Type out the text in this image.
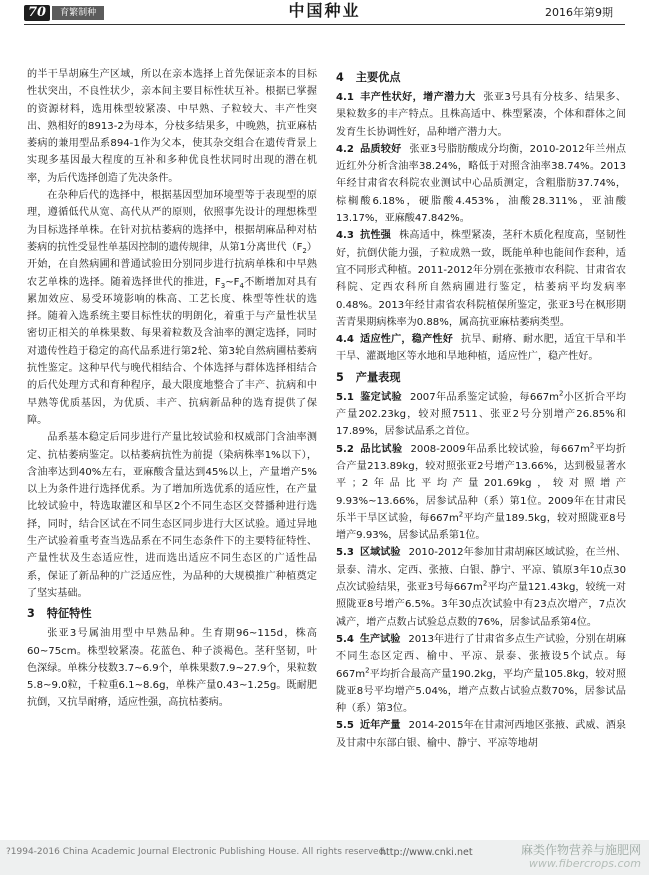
70	育繁制种	中国种业	2016年第9期

的半干旱胡麻生产区域，所以在亲本选择上首先保证亲本的目标性状突出，不良性状少，亲本间主要目标性状互补。根据已掌握的资源材料，选用株型较紧凑、中早熟、子粒较大、丰产性突出、熟相好的8913-2为母本，分枝多结果多，中晚熟，抗亚麻枯萎病的兼用型品系894-1作为父本，使其杂交组合在遗传背景上实现多基因最大程度的互补和多种优良性状同时出现的潜在机率，为后代选择创造了先决条件。

在杂种后代的选择中，根据基因型加环境型等于表现型的原理，遵循低代从宽、高代从严的原则，依照事先设计的理想株型为目标选择单株。在针对抗枯萎病的选择中，根据胡麻品种对枯萎病的抗性受显性单基因控制的遗传规律，从第1分离世代$(F_2)$开始，在自然病圃和普通试验田分别同步进行抗病单株和中早熟农艺单株的选择。随着选择世代的推进，$F_3\sim F_4$不断增加对具有累加效应、易受环境影响的株高、工艺长度、株型等性状的选择。随着入选系统主要目标性状的明朗化，着重于与产量性状呈密切正相关的单株果数、每果着粒数及含油率的测定选择，同时对遗传性趋于稳定的高代品系进行第2轮、第3轮自然病圃枯萎病抗性鉴定。这种早代与晚代相结合、个体选择与群体选择相结合的后代处理方式和育种程序，最大限度地整合了丰产、抗病和中早熟等优质基因，为优质、丰产、抗病新品种的选育提供了保障。

品系基本稳定后同步进行产量比较试验和权威部门含油率测定、抗枯萎病鉴定。以枯萎病抗性为前提（染病株率1%以下），含油率达到40%左右，亚麻酸含量达到45%以上，产量增产5%以上为条件进行选择优系。为了增加所选优系的适应性，在产量比较试验中，特选取灌区和旱区2个不同生态区交替播种进行选择，同时，结合区试在不同生态区同步进行大区试验。通过异地生产试验着重考查当选品系在不同生态条件下的主要特征特性、产量性状及生态适应性，进而选出适应不同生态区的广适性品系，保证了新品种的广泛适应性，为品种的大规模推广种植奠定了坚实基础。

3 特征特性

张亚3号属油用型中早熟品种。生育期96~115d，株高60~75cm。株型较紧凑。花蓝色、种子淡褐色。茎秆坚韧，叶色深绿。单株分枝数3.7~6.9个，单株果数7.9~27.9个，果粒数5.8~9.0粒，千粒重6.1~8.6g，单株产量0.43~1.25g。既耐肥抗倒，又抗旱耐瘠，适应性强，高抗枯萎病。

4 主要优点

4.1 丰产性状好，增产潜力大 张亚3号具有分枝多、结果多、果粒数多的丰产特点。且株高适中、株型紧凑，个体和群体之间发育生长协调性好，品种增产潜力大。

4.2 品质较好 张亚3号脂肪酸成分均衡，2010-2012年兰州点近红外分析含油率38.24%，略低于对照含油率38.74%。2013年经甘肃省农科院农业测试中心品质测定，含粗脂肪37.74%，棕榈酸6.18%，硬脂酸4.453%，油酸28.311%，亚油酸13.17%，亚麻酸47.842%。

4.3 抗性强 株高适中，株型紧凑，茎秆木质化程度高，坚韧性好，抗倒伏能力强，子粒成熟一致，既能单种也能间作套种，适宜不同形式种植。2011-2012年分别在张掖市农科院、甘肃省农科院、定西农科所自然病圃进行鉴定，枯萎病平均发病率0.48%。2013年经甘肃省农科院植保所鉴定，张亚3号在枫形期苦青果期病株率为0.88%，属高抗亚麻枯萎病类型。

4.4 适应性广，稳产性好 抗旱、耐瘠、耐水肥，适宜干旱和半干旱、灌溉地区等水地和旱地种植，适应性广，稳产性好。

5 产量表现

5.1 鉴定试验 2007年品系鉴定试验，每$667m^2$小区折合平均产量202.23kg，较对照7511、张亚2号分别增产26.85%和17.89%，居参试品系之首位。

5.2 品比试验 2008-2009年品系比较试验，每$667m^2$平均折合产量213.89kg，较对照张亚2号增产13.66%，达到极显著水平；2年品比平均产量201.69kg，较对照增产9.93%~13.66%，居参试品种（系）第1位。2009年在甘肃民乐半干旱区试验，每$667m^2$平均产量189.5kg，较对照陇亚8号增产9.93%，居参试品系第1位。

5.3 区域试验 2010-2012年参加甘肃胡麻区域试验，在兰州、景泰、清水、定西、张掖、白银、静宁、平凉、镇原3年10点30点次试验结果，张亚3号每$667m^2$平均产量121.43kg，较统一对照陇亚8号增产6.5%。3年30点次试验中有23点次增产，7点次减产，增产点数占试验总点数的76%，居参试品系第4位。

5.4 生产试验 2013年进行了甘肃省多点生产试验，分别在胡麻不同生态区定西、榆中、平凉、景泰、张掖设5个试点。每$667m^2$平均折合最高产量190.2kg，平均产量105.8kg，较对照陇亚8号平均增产5.04%，增产点数占试验点数70%，居参试品种（系）第3位。

5.5 近年产量 2014-2015年在甘肃河西地区张掖、武威、酒泉及甘肃中东部白银、榆中、静宁、平凉等地胡

?1994-2016 China Academic Journal Electronic Publishing House. All rights reserved.
http://www.cnki.net	麻类作物营养与施肥网
www.fibercrops.com
